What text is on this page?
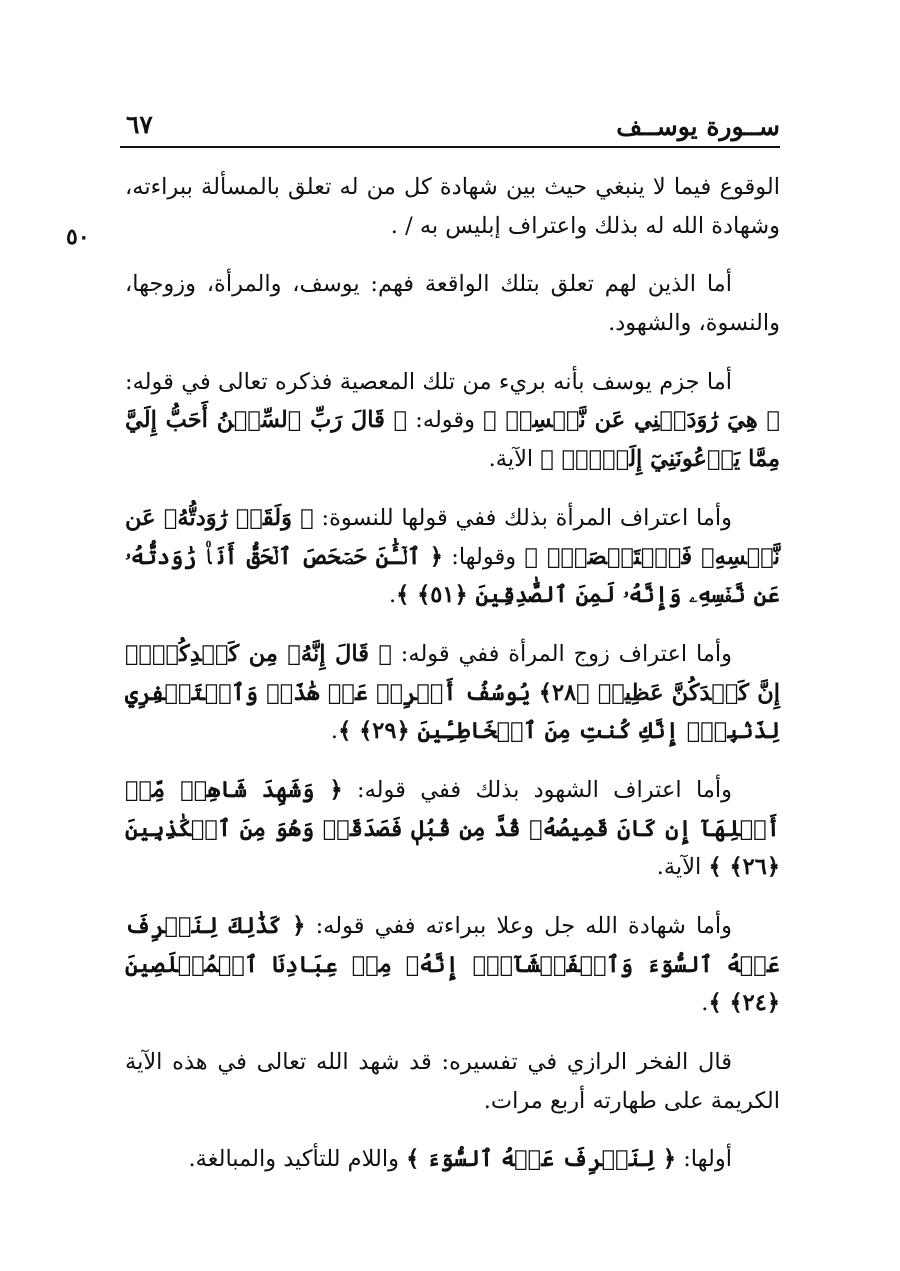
ســورة يوســف
٦٧
٥٠

الوقوع فيما لا ينبغي حيث بين شهادة كل من له تعلق بالمسألة ببراءته، وشهادة الله له بذلك واعتراف إبليس به / .

أما الذين لهم تعلق بتلك الواقعة فهم: يوسف، والمرأة، وزوجها، والنسوة، والشهود.

أما جزم يوسف بأنه بريء من تلك المعصية فذكره تعالى في قوله: ﴿ هِيَ رَٰوَدَتۡنِي عَن نَّفۡسِيۚ ﴾ وقوله: ﴿ قَالَ رَبِّ ٱلسِّجۡنُ أَحَبُّ إِلَيَّ مِمَّا يَدۡعُونَنِيٓ إِلَيۡهِۖ ﴾ الآية.

وأما اعتراف المرأة بذلك ففي قولها للنسوة: ﴿ وَلَقَدۡ رَٰوَدتُّهُۥ عَن نَّفۡسِهِۦ فَٱسۡتَعۡصَمَۖ ﴾ وقولها: ﴿ ٱلۡـَٰٔنَ حَصۡحَصَ ٱلۡحَقُّ أَنَا۠ رَٰوَدتُّهُۥ عَن نَّفۡسِهِۦ وَإِنَّهُۥ لَمِنَ ٱلصَّٰدِقِينَ ﴿٥١﴾ ﴾.

وأما اعتراف زوج المرأة ففي قوله: ﴿ قَالَ إِنَّهُۥ مِن كَيۡدِكُنَّۖ إِنَّ كَيۡدَكُنَّ عَظِيمٞ ﴿٢٨﴾ يُوسُفُ أَعۡرِضۡ عَنۡ هَٰذَاۚ وَٱسۡتَغۡفِرِي لِذَنۢبِكِۖ إِنَّكِ كُنتِ مِنَ ٱلۡخَاطِـِٔينَ ﴿٢٩﴾ ﴾.

وأما اعتراف الشهود بذلك ففي قوله: ﴿ وَشَهِدَ شَاهِدٞ مِّنۡ أَهۡلِهَآ إِن كَانَ قَمِيصُهُۥ قُدَّ مِن قُبُلٖ فَصَدَقَتۡ وَهُوَ مِنَ ٱلۡكَٰذِبِينَ ﴿٢٦﴾ ﴾ الآية.

وأما شهادة الله جل وعلا ببراءته ففي قوله: ﴿ كَذَٰلِكَ لِنَصۡرِفَ عَنۡهُ ٱلسُّوٓءَ وَٱلۡفَحۡشَآءَۚ إِنَّهُۥ مِنۡ عِبَادِنَا ٱلۡمُخۡلَصِينَ ﴿٢٤﴾ ﴾.

قال الفخر الرازي في تفسيره: قد شهد الله تعالى في هذه الآية الكريمة على طهارته أربع مرات.

أولها: ﴿ لِنَصۡرِفَ عَنۡهُ ٱلسُّوٓءَ ﴾ واللام للتأكيد والمبالغة.
